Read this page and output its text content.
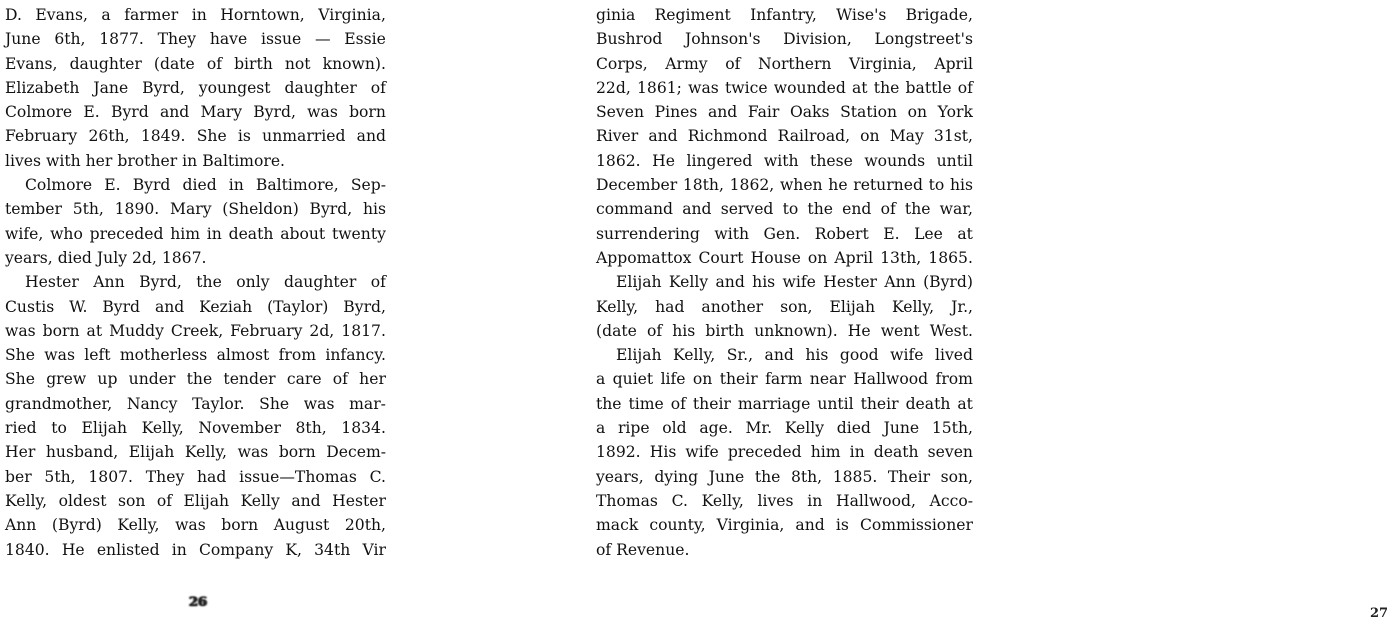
D. Evans, a farmer in Horntown, Virginia,
June 6th, 1877. They have issue — Essie
Evans, daughter (date of birth not known).
Elizabeth Jane Byrd, youngest daughter of
Colmore E. Byrd and Mary Byrd, was born
February 26th, 1849. She is unmarried and
lives with her brother in Baltimore.
Colmore E. Byrd died in Baltimore, Sep-
tember 5th, 1890. Mary (Sheldon) Byrd, his
wife, who preceded him in death about twenty
years, died July 2d, 1867.
Hester Ann Byrd, the only daughter of
Custis W. Byrd and Keziah (Taylor) Byrd,
was born at Muddy Creek, February 2d, 1817.
She was left motherless almost from infancy.
She grew up under the tender care of her
grandmother, Nancy Taylor. She was mar-
ried to Elijah Kelly, November 8th, 1834.
Her husband, Elijah Kelly, was born Decem-
ber 5th, 1807. They had issue—Thomas C.
Kelly, oldest son of Elijah Kelly and Hester
Ann (Byrd) Kelly, was born August 20th,
1840. He enlisted in Company K, 34th Vir
26
ginia Regiment Infantry, Wise's Brigade,
Bushrod Johnson's Division, Longstreet's
Corps, Army of Northern Virginia, April
22d, 1861; was twice wounded at the battle of
Seven Pines and Fair Oaks Station on York
River and Richmond Railroad, on May 31st,
1862. He lingered with these wounds until
December 18th, 1862, when he returned to his
command and served to the end of the war,
surrendering with Gen. Robert E. Lee at
Appomattox Court House on April 13th, 1865.
Elijah Kelly and his wife Hester Ann (Byrd)
Kelly, had another son, Elijah Kelly, Jr.,
(date of his birth unknown). He went West.
Elijah Kelly, Sr., and his good wife lived
a quiet life on their farm near Hallwood from
the time of their marriage until their death at
a ripe old age. Mr. Kelly died June 15th,
1892. His wife preceded him in death seven
years, dying June the 8th, 1885. Their son,
Thomas C. Kelly, lives in Hallwood, Acco-
mack county, Virginia, and is Commissioner
of Revenue.
27
